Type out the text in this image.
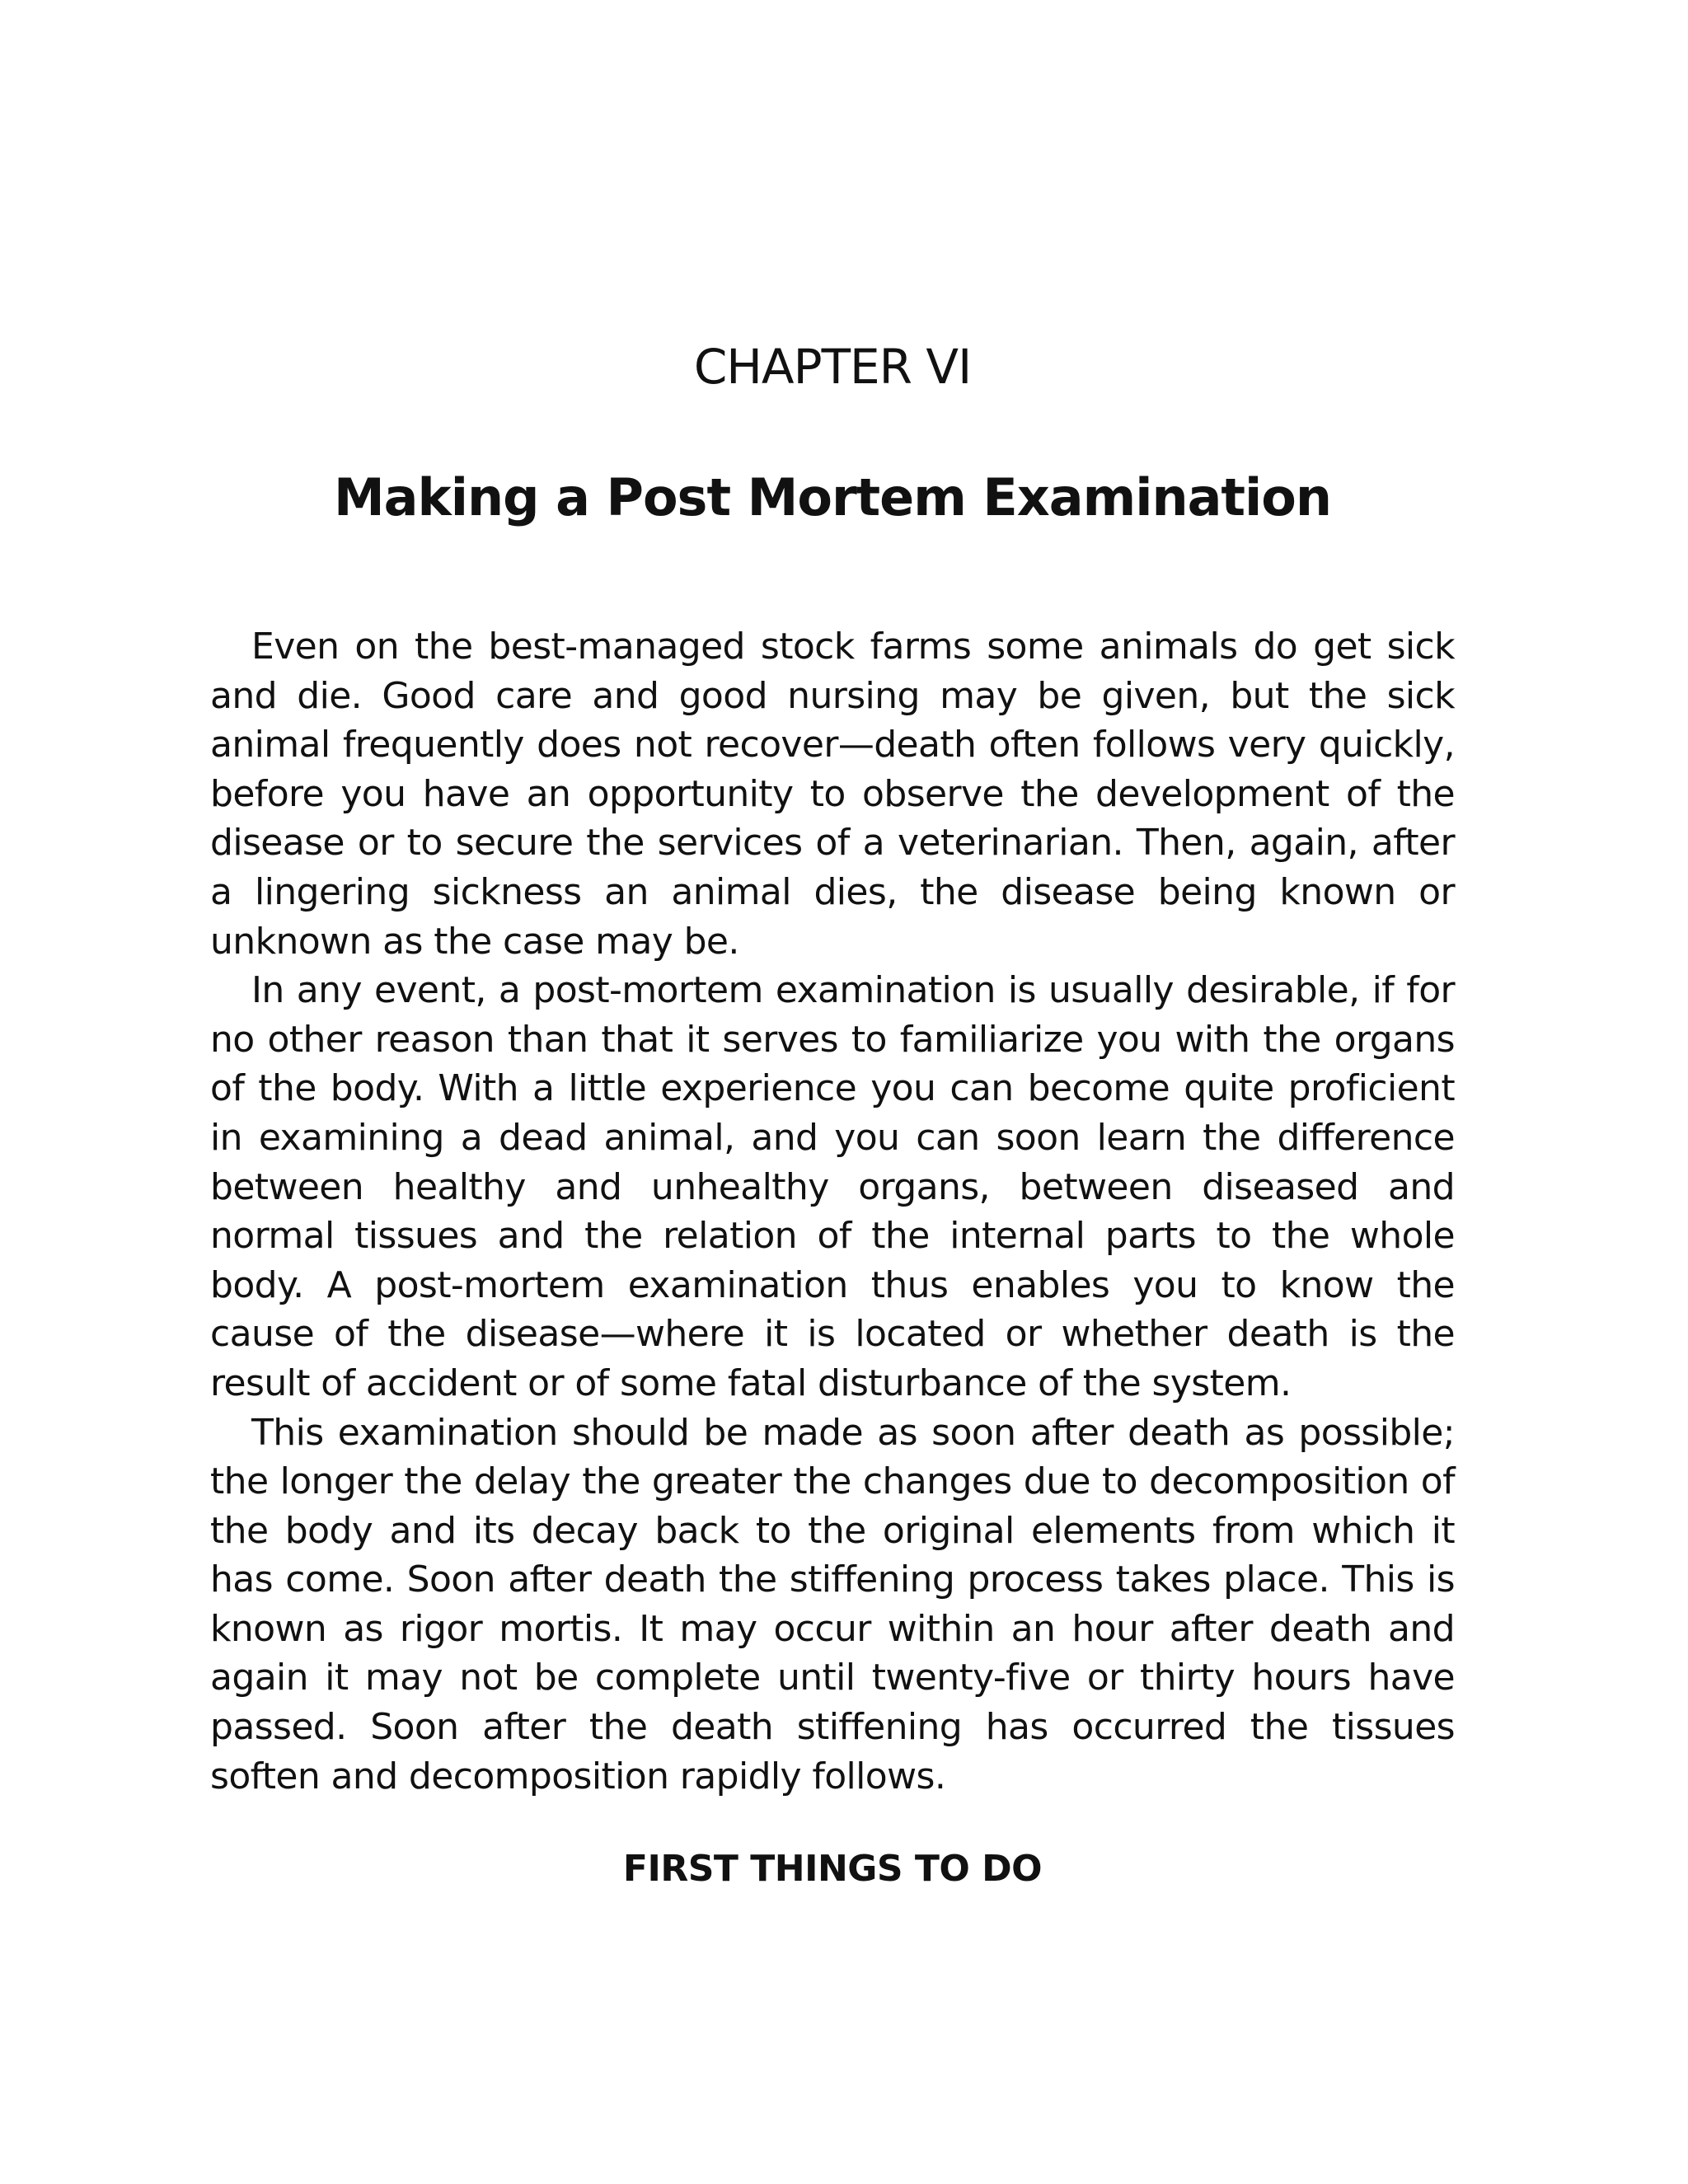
CHAPTER VI
Making a Post Mortem Examination

Even on the best-managed stock farms some animals do get sick and die. Good care and good nursing may be given, but the sick animal frequently does not recover—death often follows very quickly, before you have an opportunity to observe the development of the disease or to secure the services of a veterinarian. Then, again, after a lingering sickness an animal dies, the disease being known or unknown as the case may be.

In any event, a post-mortem examination is usually desirable, if for no other reason than that it serves to familiarize you with the organs of the body. With a little experience you can become quite proficient in examining a dead animal, and you can soon learn the difference between healthy and unhealthy organs, between diseased and normal tissues and the relation of the internal parts to the whole body. A post-mortem examination thus enables you to know the cause of the disease—where it is located or whether death is the result of accident or of some fatal disturbance of the system.

This examination should be made as soon after death as possible; the longer the delay the greater the changes due to decomposition of the body and its decay back to the original elements from which it has come. Soon after death the stiffening process takes place. This is known as rigor mortis. It may occur within an hour after death and again it may not be complete until twenty-five or thirty hours have passed. Soon after the death stiffening has occurred the tissues soften and decomposition rapidly follows.

FIRST THINGS TO DO
